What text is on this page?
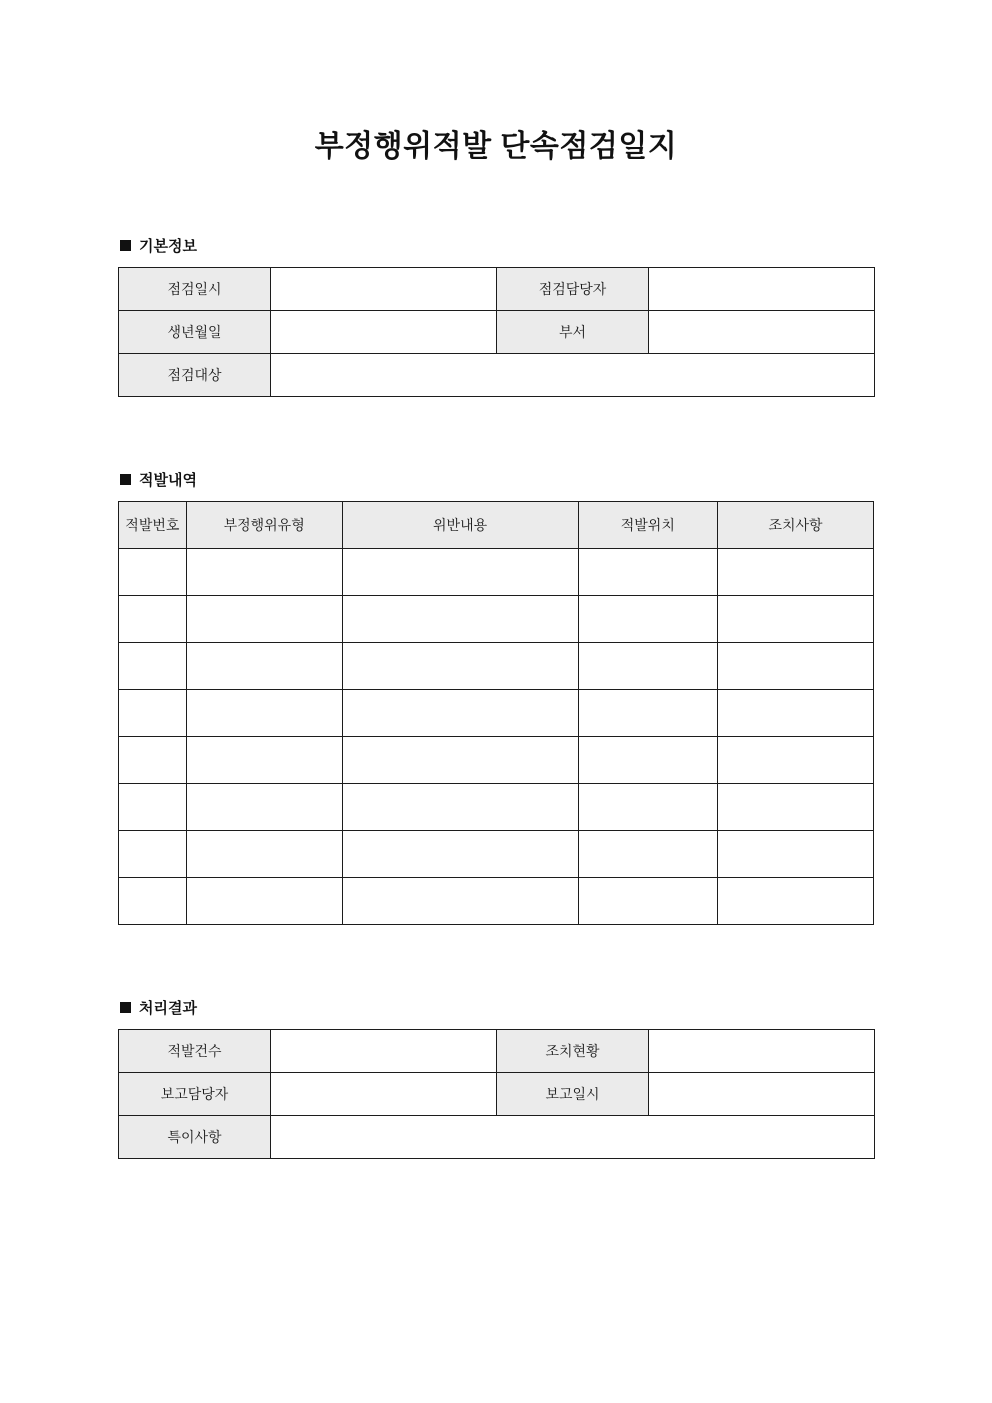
부정행위적발 단속점검일지
기본정보
점검일시		점검담당자	
생년월일		부서	
점검대상			
적발내역
적발번호	부정행위유형	위반내용	적발위치	조치사항

처리결과
적발건수		조치현황	
보고담당자		보고일시	
특이사항			
